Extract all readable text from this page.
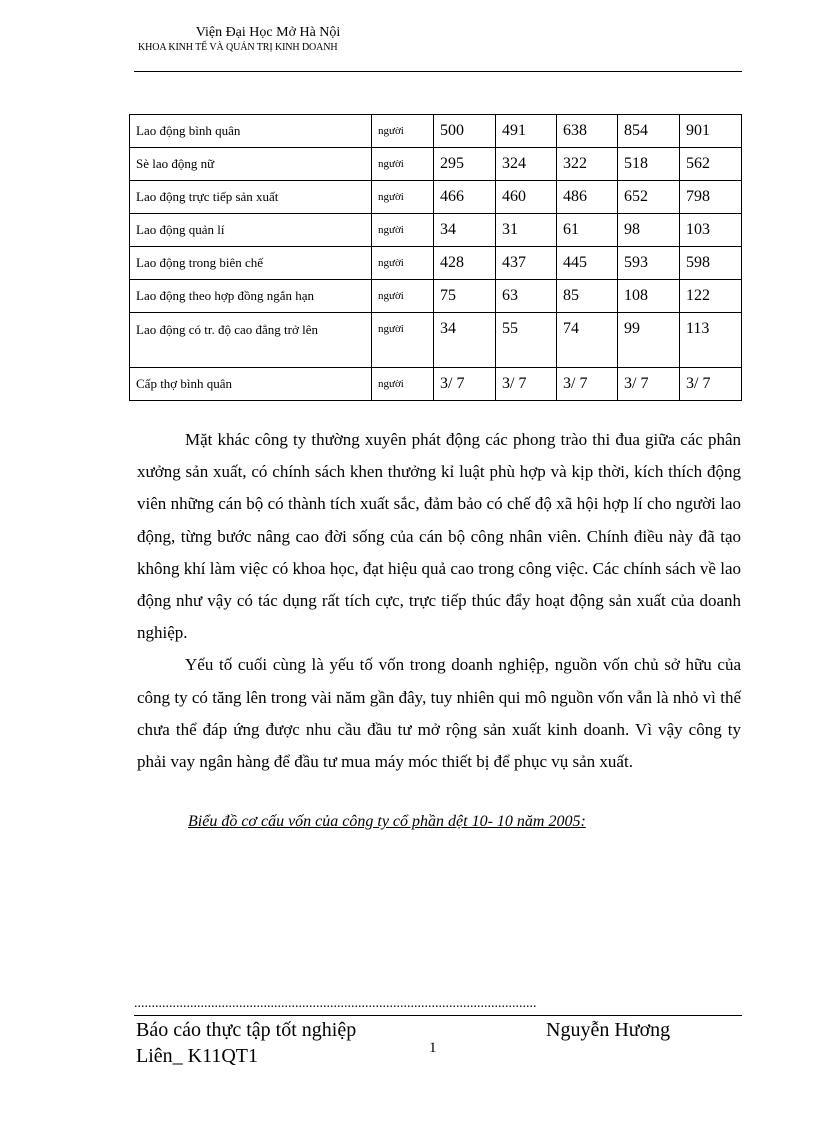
Viện Đại Học Mở Hà Nội
KHOA KINH TẾ VÀ QUẢN TRỊ KINH DOANH
Lao động bình quân	người	500	491	638	854	901
Sè lao động nữ	người	295	324	322	518	562
Lao động trực tiếp sản xuất	người	466	460	486	652	798
Lao động quản lí	người	34	31	61	98	103
Lao động trong biên chế	người	428	437	445	593	598
Lao động theo hợp đồng ngắn hạn	người	75	63	85	108	122
Lao động có tr. độ cao đẳng trở lên	người	34	55	74	99	113
Cấp thợ bình quân	người	3/ 7	3/ 7	3/ 7	3/ 7	3/ 7

Mặt khác công ty thường xuyên phát động các phong trào thi đua giữa các phân xưởng sản xuất, có chính sách khen thưởng kỉ luật phù hợp và kịp thời, kích thích động viên những cán bộ có thành tích xuất sắc, đảm bảo có chế độ xã hội hợp lí cho người lao động, từng bước nâng cao đời sống của cán bộ công nhân viên. Chính điều này đã tạo không khí làm việc có khoa học, đạt hiệu quả cao trong công việc. Các chính sách về lao động như vậy có tác dụng rất tích cực, trực tiếp thúc đẩy hoạt động sản xuất của doanh nghiệp.

Yếu tố cuối cùng là yếu tố vốn trong doanh nghiệp, nguồn vốn chủ sở hữu của công ty có tăng lên trong vài năm gần đây, tuy nhiên qui mô nguồn vốn vẫn là nhỏ vì thế chưa thể đáp ứng được nhu cầu đầu tư mở rộng sản xuất kinh doanh. Vì vậy công ty phải vay ngân hàng để đầu tư mua máy móc thiết bị để phục vụ sản xuất.

Biểu đồ cơ cấu vốn của công ty cổ phần dệt 10- 10 năm 2005:

...................................................................................................................
Báo cáo thực tập tốt nghiệp
Liên_ K11QT1
Nguyễn Hương
1
